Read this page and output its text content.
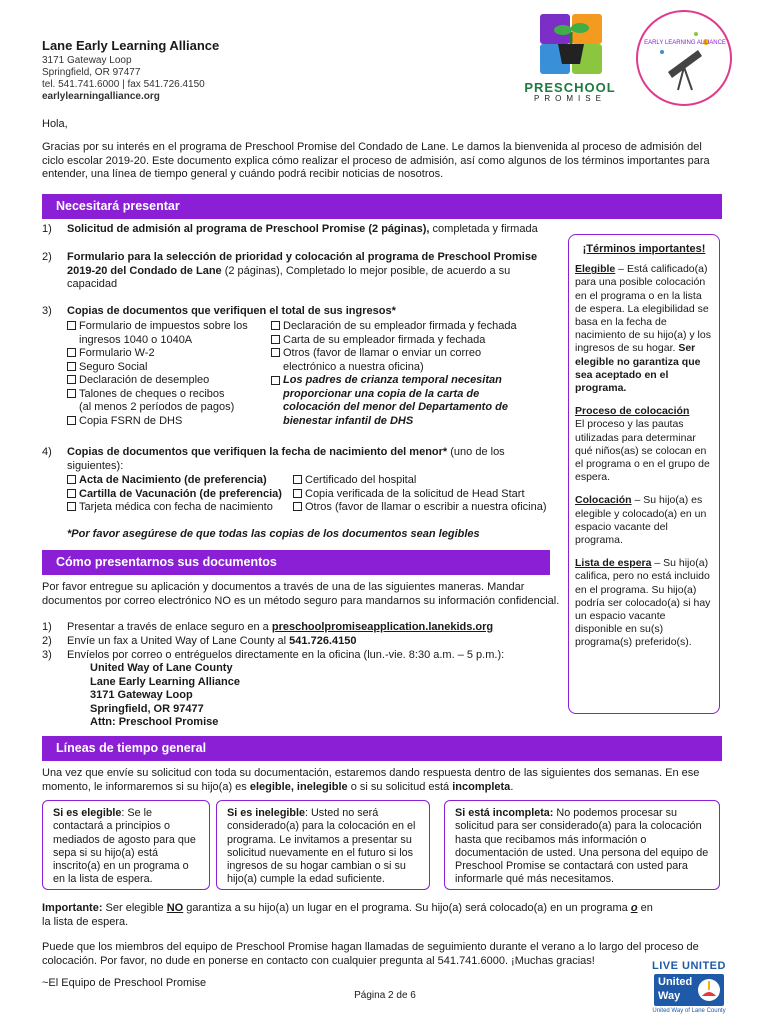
Lane Early Learning Alliance
3171 Gateway Loop
Springfield, OR 97477
tel. 541.741.6000 | fax 541.726.4150
earlylearningalliance.org
PRESCHOOL
PROMISE
EARLY LEARNING ALLIANCE
Hola,
Gracias por su interés en el programa de Preschool Promise del Condado de Lane. Le damos la bienvenida al proceso de admisión del ciclo escolar 2019-20. Este documento explica cómo realizar el proceso de admisión, así como algunos de los términos importantes para entender, una línea de tiempo general y cuándo podrá recibir noticias de nosotros.
Necesitará presentar
1) Solicitud de admisión al programa de Preschool Promise (2 páginas), completada y firmada
2) Formulario para la selección de prioridad y colocación al programa de Preschool Promise 2019-20 del Condado de Lane (2 páginas), Completado lo mejor posible, de acuerdo a su capacidad
3) Copias de documentos que verifiquen el total de sus ingresos*
Formulario de impuestos sobre los
ingresos 1040 o 1040A
Formulario W-2
Seguro Social
Declaración de desempleo
Talones de cheques o recibos
(al menos 2 períodos de pagos)
Copia FSRN de DHS
Declaración de su empleador firmada y fechada
Carta de su empleador firmada y fechada
Otros (favor de llamar o enviar un correo
electrónico a nuestra oficina)
Los padres de crianza temporal necesitan proporcionar una copia de la carta de colocación del menor del Departamento de bienestar infantil de DHS
4) Copias de documentos que verifiquen la fecha de nacimiento del menor* (uno de los siguientes):
Acta de Nacimiento (de preferencia)
Cartilla de Vacunación (de preferencia)
Tarjeta médica con fecha de nacimiento
Certificado del hospital
Copia verificada de la solicitud de Head Start
Otros (favor de llamar o escribir a nuestra oficina)
*Por favor asegúrese de que todas las copias de los documentos sean legibles
¡Términos importantes!
Elegible – Está calificado(a) para una posible colocación en el programa o en la lista de espera. La elegibilidad se basa en la fecha de nacimiento de su hijo(a) y los ingresos de su hogar. Ser elegible no garantiza que sea aceptado en el programa.
Proceso de colocación
El proceso y las pautas utilizadas para determinar qué niños(as) se colocan en el programa o en el grupo de espera.
Colocación – Su hijo(a) es elegible y colocado(a) en un espacio vacante del programa.
Lista de espera – Su hijo(a) califica, pero no está incluido en el programa. Su hijo(a) podría ser colocado(a) si hay un espacio vacante disponible en su(s) programa(s) preferido(s).
Cómo presentarnos sus documentos
Por favor entregue su aplicación y documentos a través de una de las siguientes maneras. Mandar documentos por correo electrónico NO es un método seguro para mandarnos su información confidencial.
1) Presentar a través de enlace seguro en a preschoolpromiseapplication.lanekids.org
2) Envíe un fax a United Way of Lane County al 541.726.4150
3) Envíelos por correo o entréguelos directamente en la oficina (lun.-vie. 8:30 a.m. – 5 p.m.):
United Way of Lane County
Lane Early Learning Alliance
3171 Gateway Loop
Springfield, OR 97477
Attn: Preschool Promise
Líneas de tiempo general
Una vez que envíe su solicitud con toda su documentación, estaremos dando respuesta dentro de las siguientes dos semanas. En ese momento, le informaremos si su hijo(a) es elegible, inelegible o si su solicitud está incompleta.
Si es elegible: Se le contactará a principios o mediados de agosto para que sepa si su hijo(a) está inscrito(a) en un programa o en la lista de espera.
Si es inelegible: Usted no será considerado(a) para la colocación en el programa. Le invitamos a presentar su solicitud nuevamente en el futuro si los ingresos de su hogar cambian o si su hijo(a) cumple la edad suficiente.
Si está incompleta: No podemos procesar su solicitud para ser considerado(a) para la colocación hasta que recibamos más información o documentación de usted. Una persona del equipo de Preschool Promise se contactará con usted para informarle qué más necesitamos.
Importante: Ser elegible NO garantiza a su hijo(a) un lugar en el programa. Su hijo(a) será colocado(a) en un programa o en la lista de espera.
Puede que los miembros del equipo de Preschool Promise hagan llamadas de seguimiento durante el verano a lo largo del proceso de colocación. Por favor, no dude en ponerse en contacto con cualquier pregunta al 541.741.6000. ¡Muchas gracias!
~El Equipo de Preschool Promise
Página 2 de 6
LIVE UNITED
United
Way
United Way of Lane County
